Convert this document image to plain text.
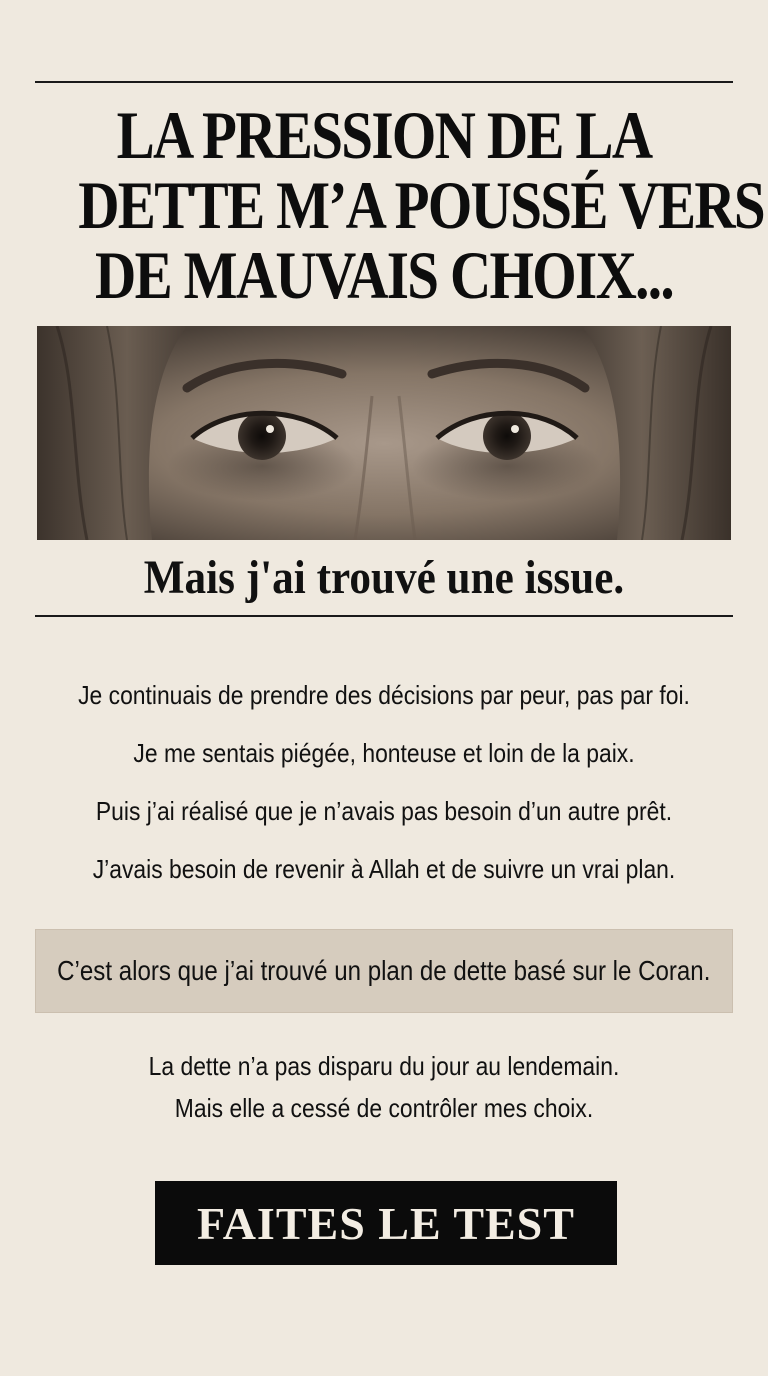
LA PRESSION DE LA
DETTE M’A POUSSÉ VERS
DE MAUVAIS CHOIX...
Mais j'ai trouvé une issue.
Je continuais de prendre des décisions par peur, pas par foi.
Je me sentais piégée, honteuse et loin de la paix.
Puis j’ai réalisé que je n’avais pas besoin d’un autre prêt.
J’avais besoin de revenir à Allah et de suivre un vrai plan.
C’est alors que j’ai trouvé un plan de dette basé sur le Coran.
La dette n’a pas disparu du jour au lendemain.
Mais elle a cessé de contrôler mes choix.
FAITES LE TEST
